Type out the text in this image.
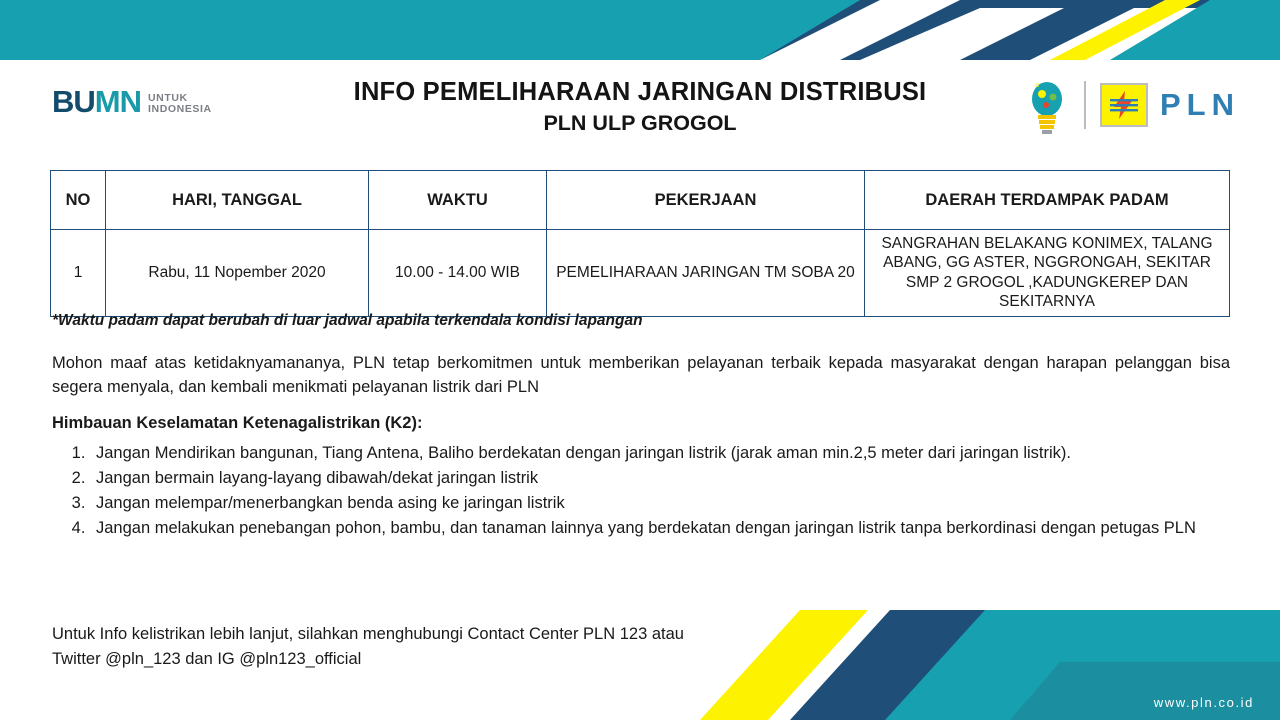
BUMN UNTUK
INDONESIA
INFO PEMELIHARAAN JARINGAN DISTRIBUSI
PLN ULP GROGOL
a
PLN
NO	HARI, TANGGAL	WAKTU	PEKERJAAN	DAERAH TERDAMPAK PADAM
1	Rabu, 11 Nopember 2020	10.00 - 14.00 WIB	PEMELIHARAAN JARINGAN TM SOBA 20	SANGRAHAN BELAKANG KONIMEX, TALANG ABANG, GG ASTER, NGGRONGAH, SEKITAR SMP 2 GROGOL ,KADUNGKEREP DAN SEKITARNYA
*Waktu padam dapat berubah di luar jadwal apabila terkendala kondisi lapangan
Mohon maaf atas ketidaknyamananya, PLN tetap berkomitmen untuk memberikan pelayanan terbaik kepada masyarakat dengan harapan pelanggan bisa segera menyala, dan kembali menikmati pelayanan listrik dari PLN
Himbauan Keselamatan Ketenagalistrikan (K2):
1. Jangan Mendirikan bangunan, Tiang Antena, Baliho berdekatan dengan jaringan listrik (jarak aman min.2,5 meter dari jaringan listrik).
2. Jangan bermain layang-layang dibawah/dekat jaringan listrik
3. Jangan melempar/menerbangkan benda asing ke jaringan listrik
4. Jangan melakukan penebangan pohon, bambu, dan tanaman lainnya yang berdekatan dengan jaringan listrik tanpa berkordinasi dengan petugas PLN
Untuk Info kelistrikan lebih lanjut, silahkan menghubungi Contact Center PLN 123 atau
Twitter @pln_123 dan IG @pln123_official
www.pln.co.id
